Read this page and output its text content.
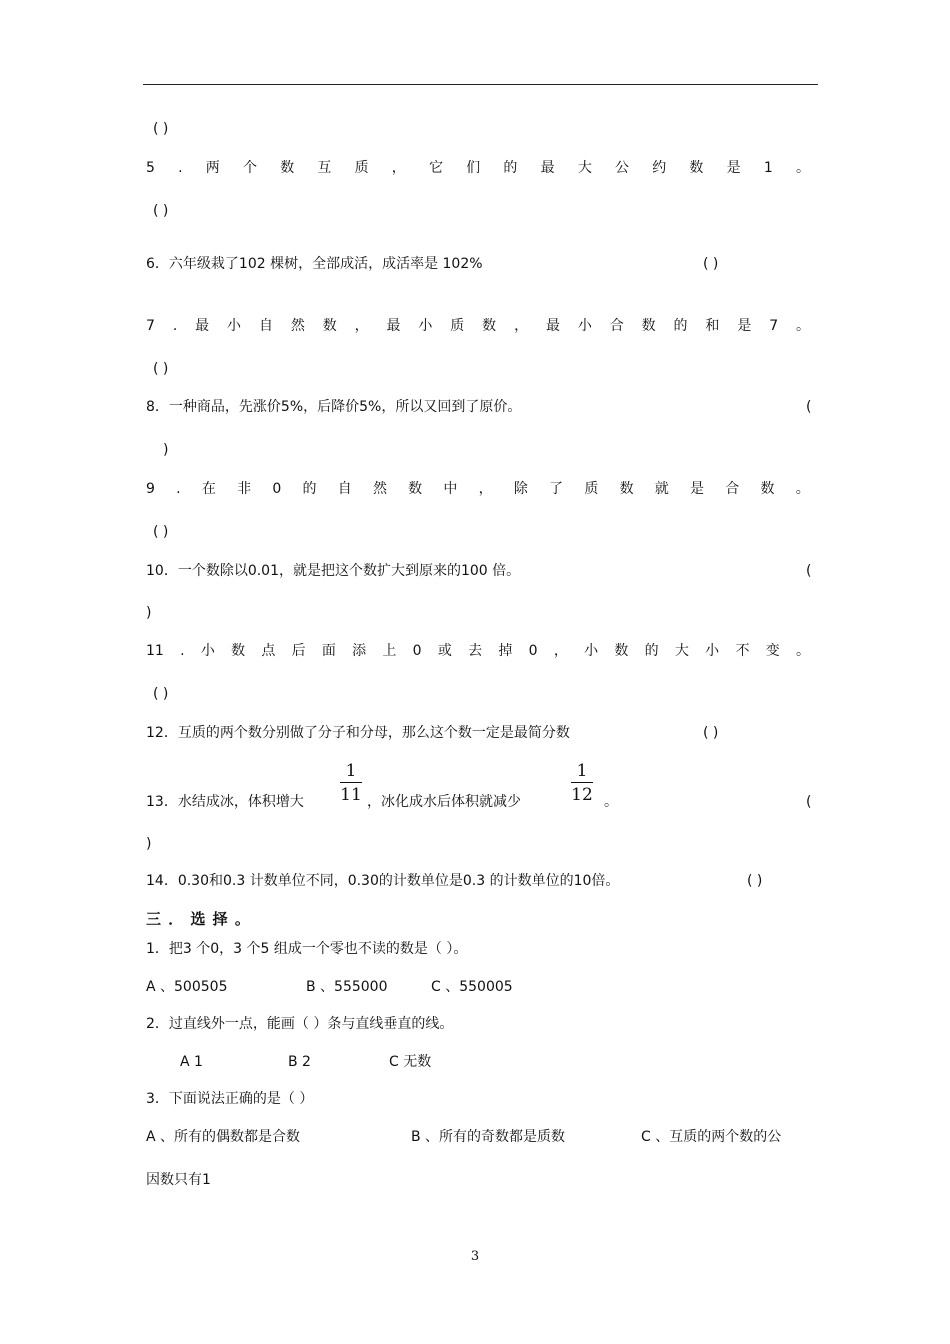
( )
5 . 两 个 数 互 质 ， 它 们 的 最 大 公 约 数 是 1 。
( )
6．六年级栽了102 棵树，全部成活，成活率是 102%	( )
7 . 最 小 自 然 数 ， 最 小 质 数 ， 最 小 合 数 的 和 是 7 。
( )
8．一种商品，先涨价5%，后降价5%，所以又回到了原价。	(
)
9 . 在 非 0 的 自 然 数 中 ， 除 了 质 数 就 是 合 数 。
( )
10．一个数除以0.01，就是把这个数扩大到原来的100 倍。	(
)
11 . 小 数 点 后 面 添 上 0 或 去 掉 0 ， 小 数 的 大 小 不 变 。
( )
12．互质的两个数分别做了分子和分母，那么这个数一定是最简分数	( )
13．水结成冰，体积增大
1
11 ，冰化成水后体积就减少
1
12 。	(
)
14．0.30和0.3 计数单位不同，0.30的计数单位是0.3 的计数单位的10倍。	( )
三 ． 选 择 。
1．把3 个0，3 个5 组成一个零也不读的数是（ ）。
A 、500505	B 、555000	C 、550005
2．过直线外一点，能画（ ）条与直线垂直的线。
A 1	B 2	C 无数
3．下面说法正确的是（ ）
A 、所有的偶数都是合数	B 、所有的奇数都是质数	C 、互质的两个数的公
因数只有1
3
